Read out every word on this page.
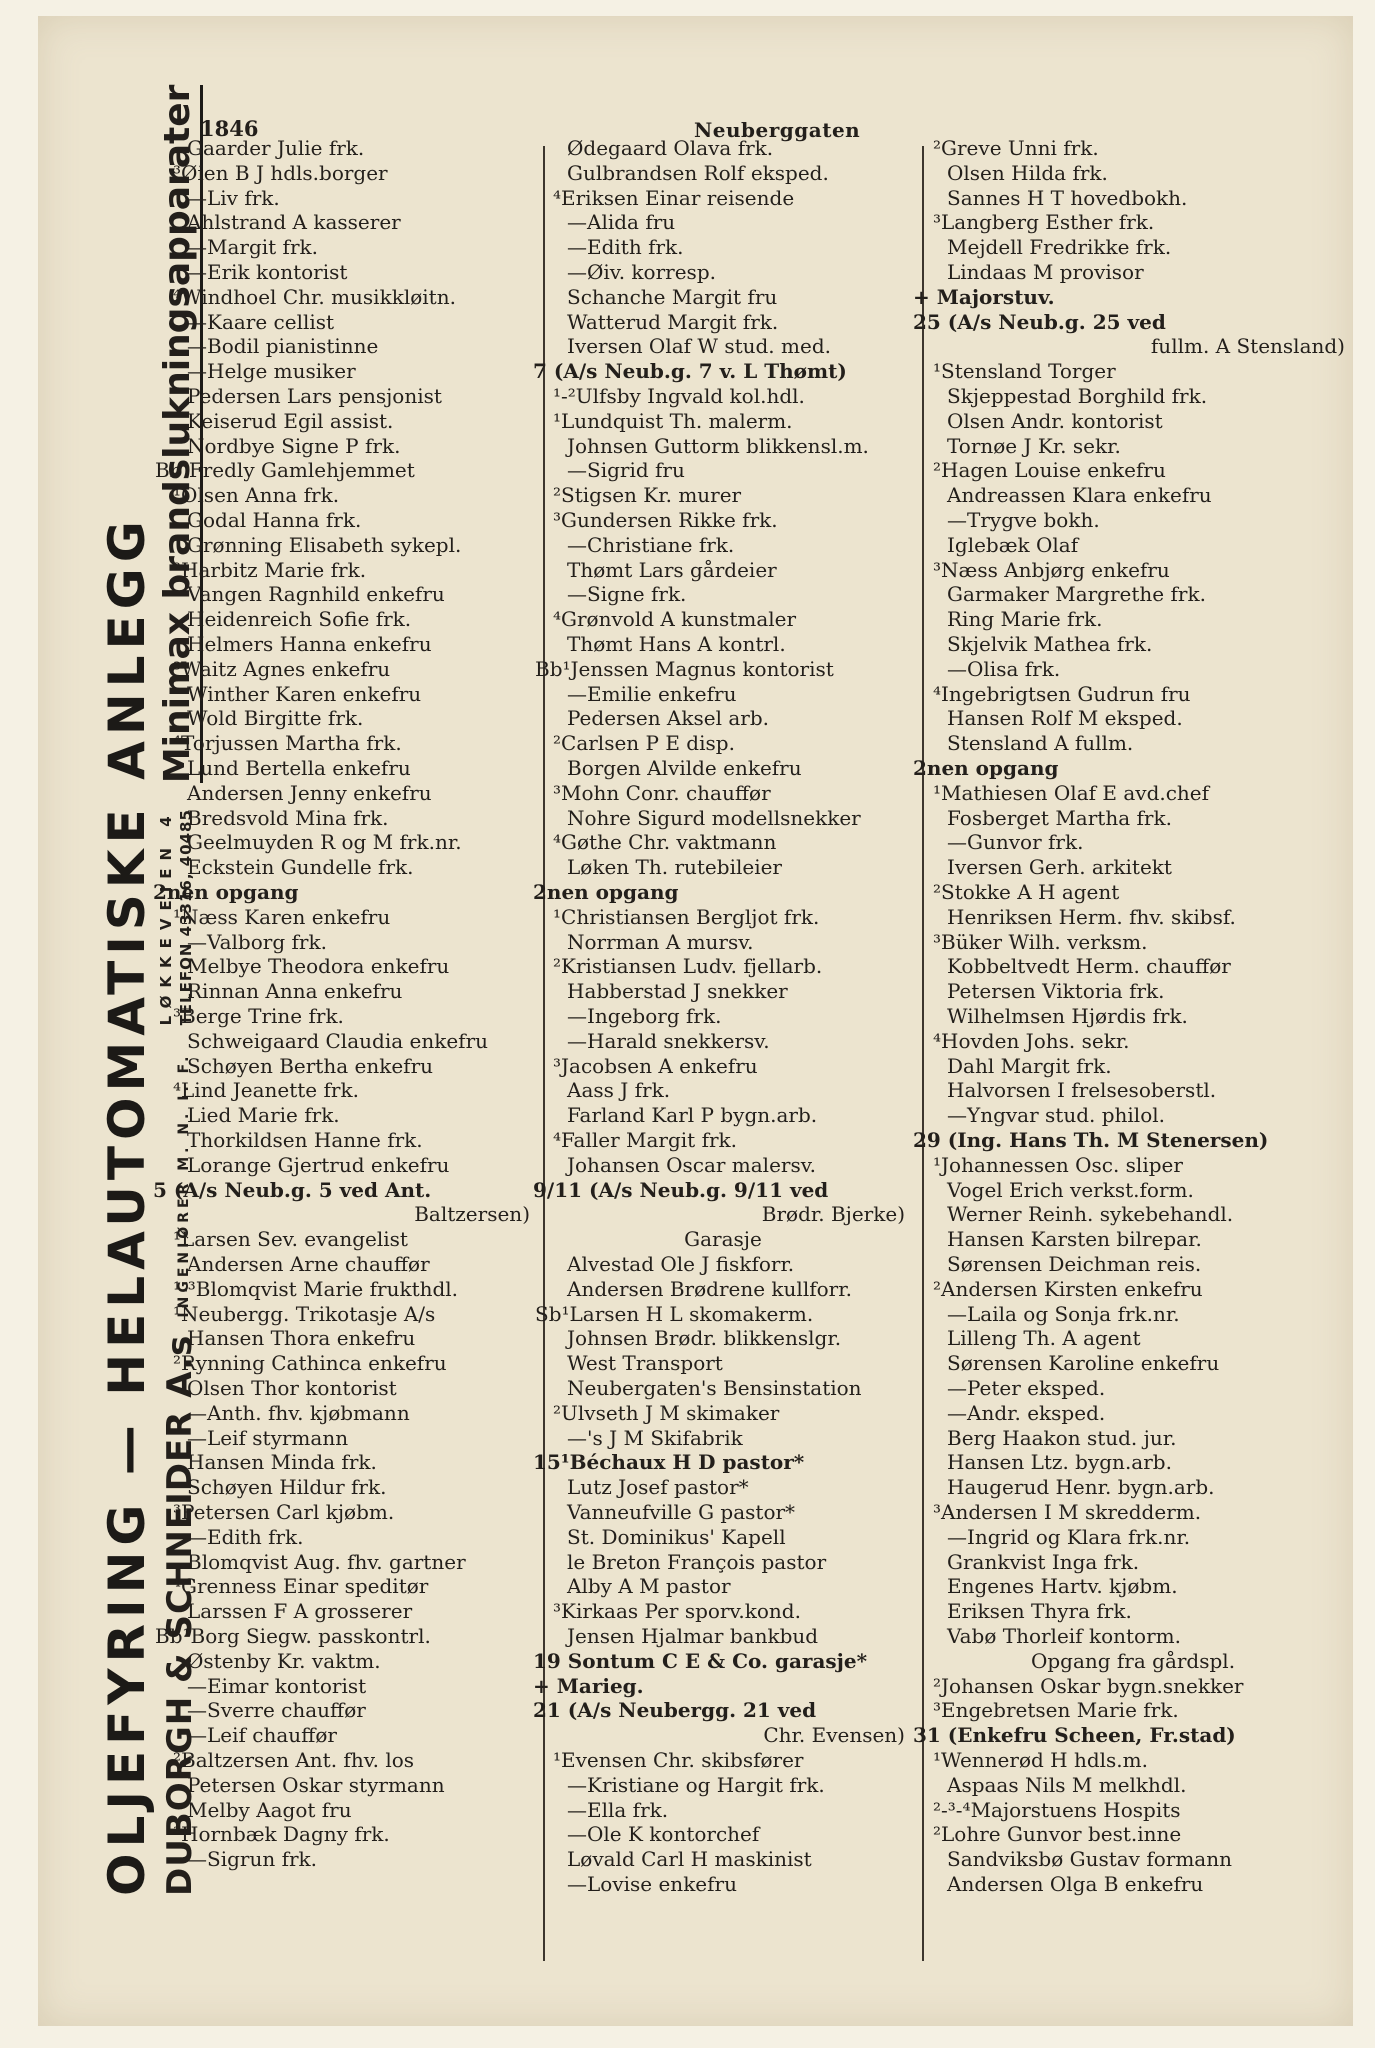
1846	Neuberggaten
OLJEFYRING — HELAUTOMATISKE ANLEGG DUBORGH & SCHNEIDER A.s INGENIØRER M. N. I. F.
LØKKEVEIEN 4 TELEFON 43316, 40485
Minimax brandslukningsapparater
Gaarder Julie frk.
³Øien B J hdls.borger
—Liv frk.
Ahlstrand A kasserer
—Margit frk.
—Erik kontorist
⁴Windhoel Chr. musikkløitn.
—Kaare cellist
—Bodil pianistinne
—Helge musiker
Pedersen Lars pensjonist
Keiserud Egil assist.
Nordbye Signe P frk.
Bb Fredly Gamlehjemmet
¹Olsen Anna frk.
Godal Hanna frk.
Grønning Elisabeth sykepl.
²Harbitz Marie frk.
Vangen Ragnhild enkefru
Heidenreich Sofie frk.
Helmers Hanna enkefru
³Waitz Agnes enkefru
Winther Karen enkefru
Wold Birgitte frk.
⁴Torjussen Martha frk.
Lund Bertella enkefru
Andersen Jenny enkefru
Bredsvold Mina frk.
Geelmuyden R og M frk.nr.
Eckstein Gundelle frk.
2nen opgang
¹Næss Karen enkefru
—Valborg frk.
Melbye Theodora enkefru
Rinnan Anna enkefru
³Berge Trine frk.
Schweigaard Claudia enkefru
Schøyen Bertha enkefru
⁴Lind Jeanette frk.
Lied Marie frk.
Thorkildsen Hanne frk.
Lorange Gjertrud enkefru
5 (A/s Neub.g. 5 ved Ant.
Baltzersen)
¹Larsen Sev. evangelist
Andersen Arne chauffør
¹-³Blomqvist Marie frukthdl.
¹Neubergg. Trikotasje A/s
Hansen Thora enkefru
²Rynning Cathinca enkefru
Olsen Thor kontorist
—Anth. fhv. kjøbmann
—Leif styrmann
Hansen Minda frk.
Schøyen Hildur frk.
³Petersen Carl kjøbm.
—Edith frk.
Blomqvist Aug. fhv. gartner
⁴Grenness Einar speditør
Larssen F A grosserer
Bb¹Borg Siegw. passkontrl.
Østenby Kr. vaktm.
—Eimar kontorist
—Sverre chauffør
—Leif chauffør
²Baltzersen Ant. fhv. los
Petersen Oskar styrmann
Melby Aagot fru
³Hornbæk Dagny frk.
—Sigrun frk.
Ødegaard Olava frk.
Gulbrandsen Rolf eksped.
⁴Eriksen Einar reisende
—Alida fru
—Edith frk.
—Øiv. korresp.
Schanche Margit fru
Watterud Margit frk.
Iversen Olaf W stud. med.
7 (A/s Neub.g. 7 v. L Thømt)
¹-²Ulfsby Ingvald kol.hdl.
¹Lundquist Th. malerm.
Johnsen Guttorm blikkensl.m.
—Sigrid fru
²Stigsen Kr. murer
³Gundersen Rikke frk.
—Christiane frk.
Thømt Lars gårdeier
—Signe frk.
⁴Grønvold A kunstmaler
Thømt Hans A kontrl.
Bb¹Jenssen Magnus kontorist
—Emilie enkefru
Pedersen Aksel arb.
²Carlsen P E disp.
Borgen Alvilde enkefru
³Mohn Conr. chauffør
Nohre Sigurd modellsnekker
⁴Gøthe Chr. vaktmann
Løken Th. rutebileier
2nen opgang
¹Christiansen Bergljot frk.
Norrman A mursv.
²Kristiansen Ludv. fjellarb.
Habberstad J snekker
—Ingeborg frk.
—Harald snekkersv.
³Jacobsen A enkefru
Aass J frk.
Farland Karl P bygn.arb.
⁴Faller Margit frk.
Johansen Oscar malersv.
9/11 (A/s Neub.g. 9/11 ved
Brødr. Bjerke)
Garasje
Alvestad Ole J fiskforr.
Andersen Brødrene kullforr.
Sb¹Larsen H L skomakerm.
Johnsen Brødr. blikkenslgr.
West Transport
Neubergaten's Bensinstation
²Ulvseth J M skimaker
—'s J M Skifabrik
15¹Béchaux H D pastor*
Lutz Josef pastor*
Vanneufville G pastor*
St. Dominikus' Kapell
le Breton François pastor
Alby A M pastor
³Kirkaas Per sporv.kond.
Jensen Hjalmar bankbud
19 Sontum C E & Co. garasje*
+ Marieg.
21 (A/s Neubergg. 21 ved
Chr. Evensen)
¹Evensen Chr. skibsfører
—Kristiane og Hargit frk.
—Ella frk.
—Ole K kontorchef
Løvald Carl H maskinist
—Lovise enkefru
²Greve Unni frk.
Olsen Hilda frk.
Sannes H T hovedbokh.
³Langberg Esther frk.
Mejdell Fredrikke frk.
Lindaas M provisor
+ Majorstuv.
25 (A/s Neub.g. 25 ved
fullm. A Stensland)
¹Stensland Torger
Skjeppestad Borghild frk.
Olsen Andr. kontorist
Tornøe J Kr. sekr.
²Hagen Louise enkefru
Andreassen Klara enkefru
—Trygve bokh.
Iglebæk Olaf
³Næss Anbjørg enkefru
Garmaker Margrethe frk.
Ring Marie frk.
Skjelvik Mathea frk.
—Olisa frk.
⁴Ingebrigtsen Gudrun fru
Hansen Rolf M eksped.
Stensland A fullm.
2nen opgang
¹Mathiesen Olaf E avd.chef
Fosberget Martha frk.
—Gunvor frk.
Iversen Gerh. arkitekt
²Stokke A H agent
Henriksen Herm. fhv. skibsf.
³Büker Wilh. verksm.
Kobbeltvedt Herm. chauffør
Petersen Viktoria frk.
Wilhelmsen Hjørdis frk.
⁴Hovden Johs. sekr.
Dahl Margit frk.
Halvorsen I frelsesoberstl.
—Yngvar stud. philol.
29 (Ing. Hans Th. M Stenersen)
¹Johannessen Osc. sliper
Vogel Erich verkst.form.
Werner Reinh. sykebehandl.
Hansen Karsten bilrepar.
Sørensen Deichman reis.
²Andersen Kirsten enkefru
—Laila og Sonja frk.nr.
Lilleng Th. A agent
Sørensen Karoline enkefru
—Peter eksped.
—Andr. eksped.
Berg Haakon stud. jur.
Hansen Ltz. bygn.arb.
Haugerud Henr. bygn.arb.
³Andersen I M skredderm.
—Ingrid og Klara frk.nr.
Grankvist Inga frk.
Engenes Hartv. kjøbm.
Eriksen Thyra frk.
Vabø Thorleif kontorm.
Opgang fra gårdspl.
²Johansen Oskar bygn.snekker
³Engebretsen Marie frk.
31 (Enkefru Scheen, Fr.stad)
¹Wennerød H hdls.m.
Aspaas Nils M melkhdl.
²-³-⁴Majorstuens Hospits
²Lohre Gunvor best.inne
Sandviksbø Gustav formann
Andersen Olga B enkefru
